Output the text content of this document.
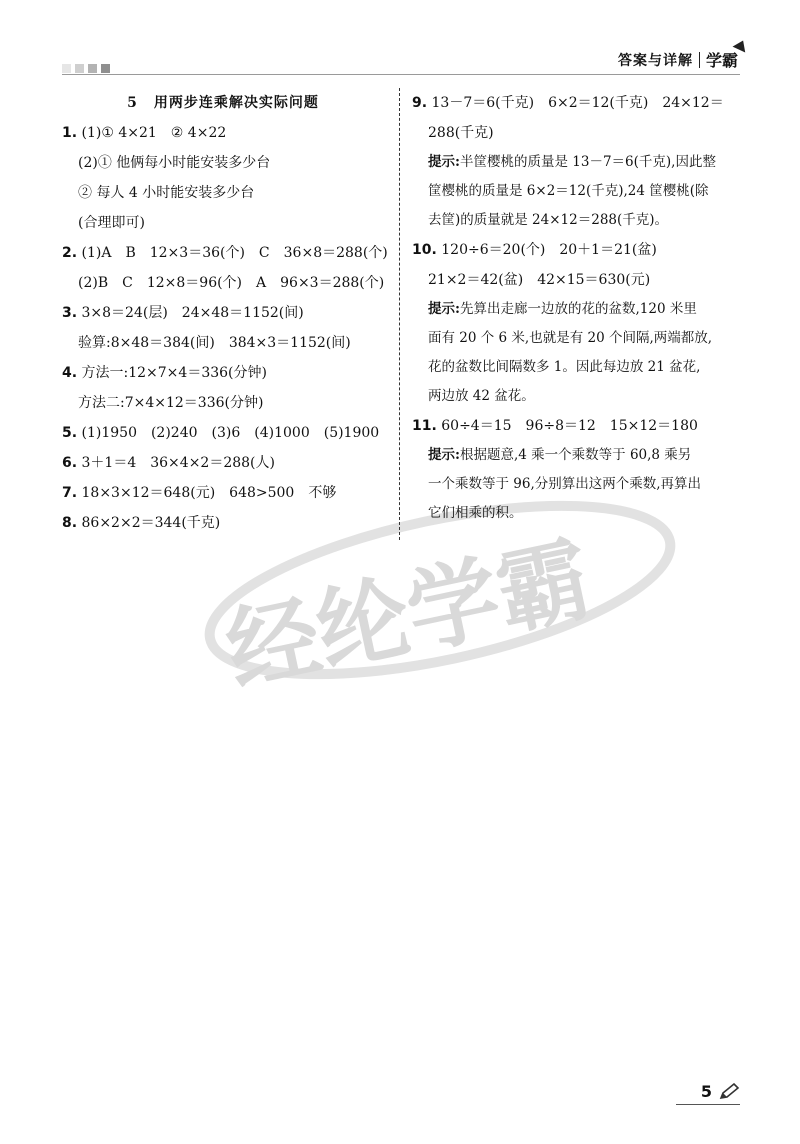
答案与详解 学霸
经纶学霸
5 用两步连乘解决实际问题
1. (1)① 4×21　② 4×22
(2)① 他俩每小时能安装多少台
② 每人 4 小时能安装多少台
(合理即可)
2. (1)A　B　12×3＝36(个)　C　36×8＝288(个)
(2)B　C　12×8＝96(个)　A　96×3＝288(个)
3. 3×8＝24(层)　24×48＝1152(间)
验算:8×48＝384(间)　384×3＝1152(间)
4. 方法一:12×7×4＝336(分钟)
方法二:7×4×12＝336(分钟)
5. (1)1950　(2)240　(3)6　(4)1000　(5)1900
6. 3＋1＝4　36×4×2＝288(人)
7. 18×3×12＝648(元)　648>500　不够
8. 86×2×2＝344(千克)
9. 13－7＝6(千克)　6×2＝12(千克)　24×12＝
288(千克)
提示:半筐樱桃的质量是 13－7＝6(千克),因此整
筐樱桃的质量是 6×2＝12(千克),24 筐樱桃(除
去筐)的质量就是 24×12＝288(千克)。
10. 120÷6＝20(个)　20＋1＝21(盆)
21×2＝42(盆)　42×15＝630(元)
提示:先算出走廊一边放的花的盆数,120 米里
面有 20 个 6 米,也就是有 20 个间隔,两端都放,
花的盆数比间隔数多 1。因此每边放 21 盆花,
两边放 42 盆花。
11. 60÷4＝15　96÷8＝12　15×12＝180
提示:根据题意,4 乘一个乘数等于 60,8 乘另
一个乘数等于 96,分别算出这两个乘数,再算出
它们相乘的积。
5
